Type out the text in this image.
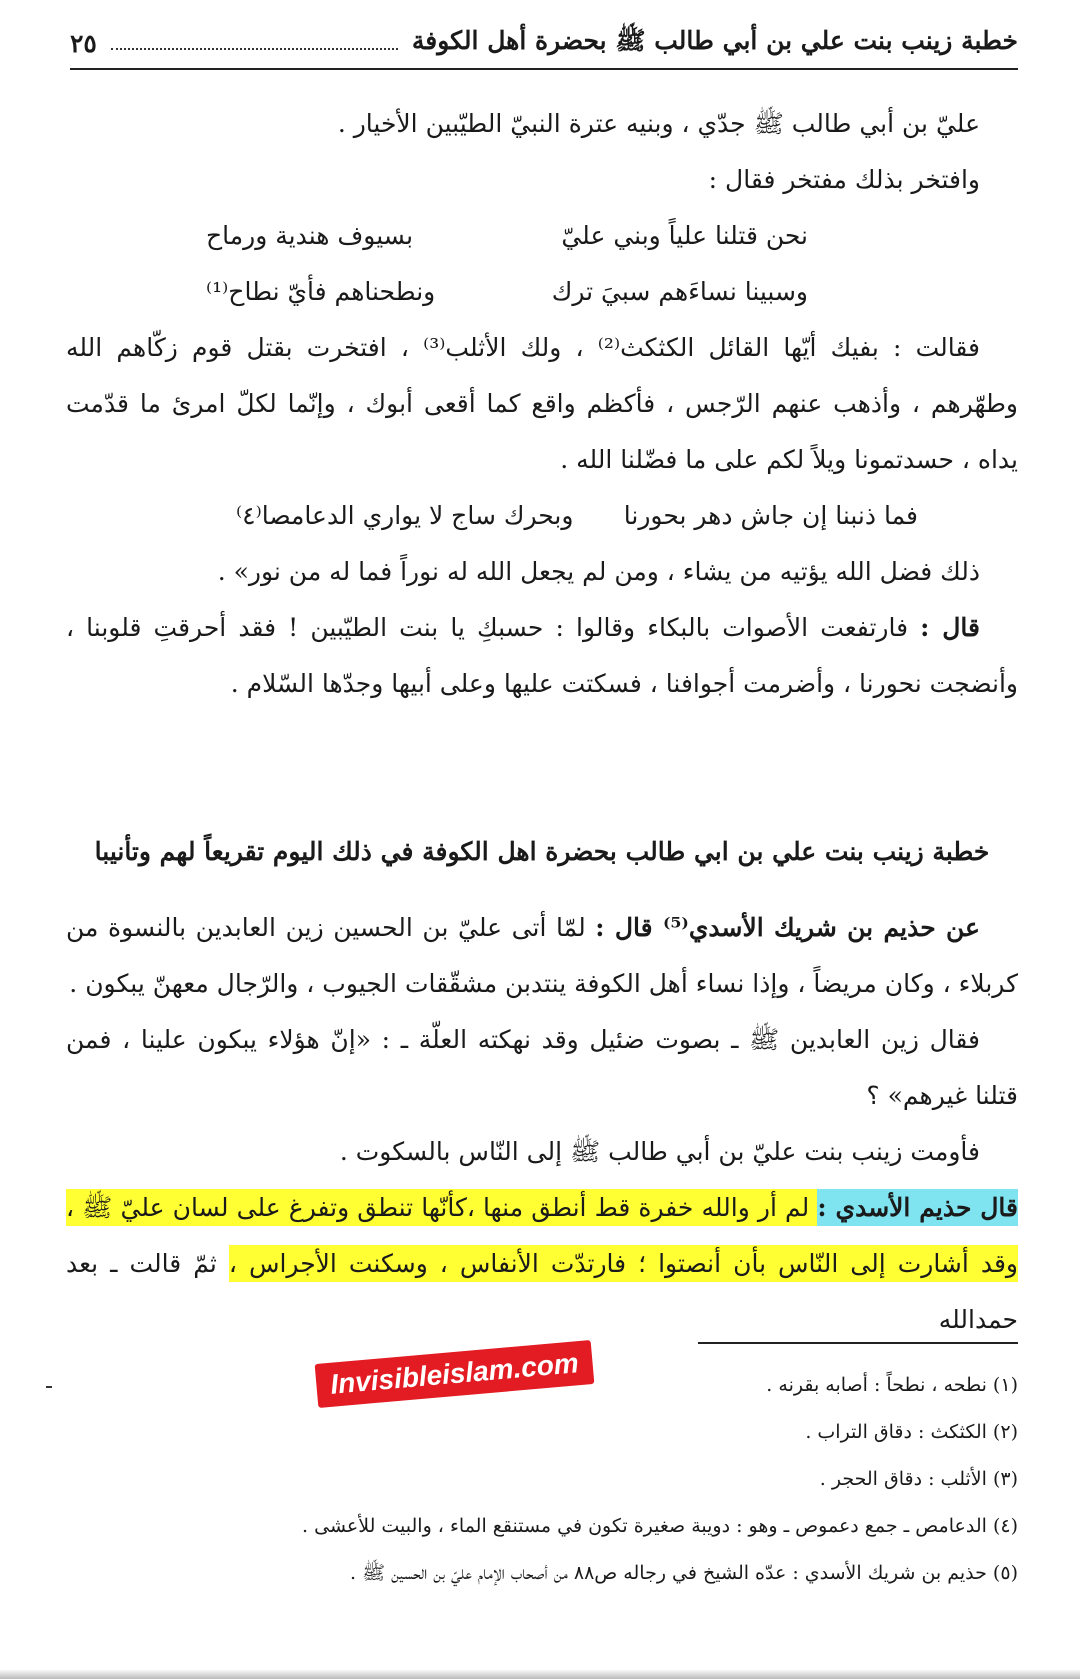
خطبة زينب بنت علي بن أبي طالب ﷺ بحضرة أهل الكوفة
٢٥

عليّ بن أبي طالب ﷺ جدّي ، وبنيه عترة النبيّ الطيّبين الأخيار .

وافتخر بذلك مفتخر فقال :

نحن قتلنا علياً وبني عليّ
بسيوف هندية ورماح
وسبينا نساءَهم سبيَ ترك
ونطحناهم فأيّ نطاح⁽¹⁾

فقالت : بفيك أيّها القائل الكثكث⁽²⁾ ، ولك الأثلب⁽³⁾ ، افتخرت بقتل قوم زكّاهم الله وطهّرهم ، وأذهب عنهم الرّجس ، فأكظم واقع كما أقعى أبوك ، وإنّما لكلّ امرئ ما قدّمت يداه ، حسدتمونا ويلاً لكم على ما فضّلنا الله .

فما ذنبنا إن جاش دهر بحورنا
وبحرك ساج لا يواري الدعامصا⁽٤⁾

ذلك فضل الله يؤتيه من يشاء ، ومن لم يجعل الله له نوراً فما له من نور» .

قال : فارتفعت الأصوات بالبكاء وقالوا : حسبكِ يا بنت الطيّبين ! فقد أحرقتِ قلوبنا ، وأنضجت نحورنا ، وأضرمت أجوافنا ، فسكتت عليها وعلى أبيها وجدّها السّلام .

خطبة زينب بنت علي بن ابي طالب بحضرة اهل الكوفة في ذلك اليوم تقريعاً لهم وتأنيبا

عن حذيم بن شريك الأسدي⁽⁵⁾ قال : لمّا أتى عليّ بن الحسين زين العابدين بالنسوة من كربلاء ، وكان مريضاً ، وإذا نساء أهل الكوفة ينتدبن مشقّقات الجيوب ، والرّجال معهنّ يبكون .

فقال زين العابدين ﷺ ـ بصوت ضئيل وقد نهكته العلّة ـ : «إنّ هؤلاء يبكون علينا ، فمن قتلنا غيرهم» ؟

فأومت زينب بنت عليّ بن أبي طالب ﷺ إلى النّاس بالسكوت .

قال حذيم الأسدي : لم أر والله خفرة قط أنطق منها ،كأنّها تنطق وتفرغ على لسان عليّ ﷺ ، وقد أشارت إلى النّاس بأن أنصتوا ؛ فارتدّت الأنفاس ، وسكنت الأجراس ، ثمّ قالت ـ بعد حمدالله

(١) نطحه ، نطحاً : أصابه بقرنه .

(٢) الكثكث : دقاق التراب .

(٣) الأثلب : دقاق الحجر .

(٤) الدعامص ـ جمع دعموص ـ وهو : دويبة صغيرة تكون في مستنقع الماء ، والبيت للأعشى .

(٥) حذيم بن شريك الأسدي : عدّه الشيخ في رجاله ص٨٨ من أصحاب الإمام عليّ بن الحسين ﷺ .

Invisibleislam.com
